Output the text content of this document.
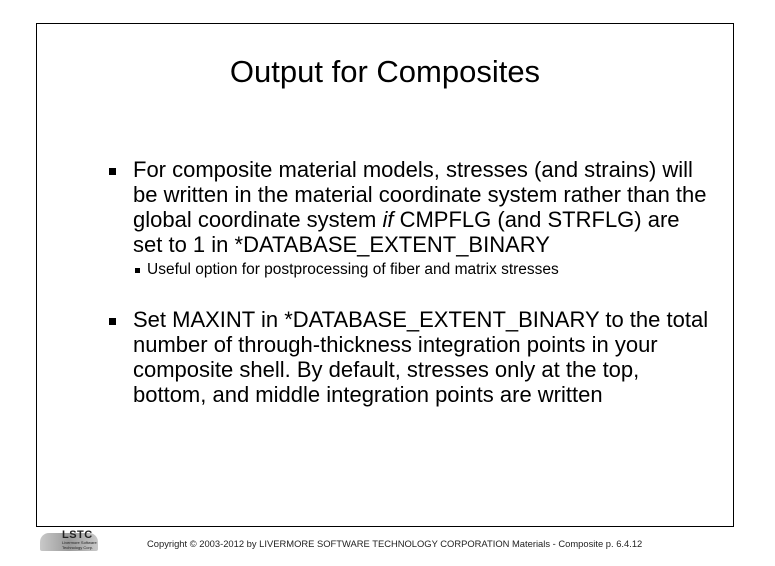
Output for Composites
For composite material models, stresses (and strains) will be written in the material coordinate system rather than the global coordinate system if CMPFLG (and STRFLG) are set to 1 in *DATABASE_EXTENT_BINARY
Useful option for postprocessing of fiber and matrix stresses
Set MAXINT in *DATABASE_EXTENT_BINARY to the total number of through-thickness integration points in your composite shell. By default, stresses only at the top, bottom, and middle integration points are written
LSTC
Livermore Software Technology Corp.	Copyright © 2003-2012 by LIVERMORE SOFTWARE TECHNOLOGY CORPORATION Materials - Composite p. 6.4.12
